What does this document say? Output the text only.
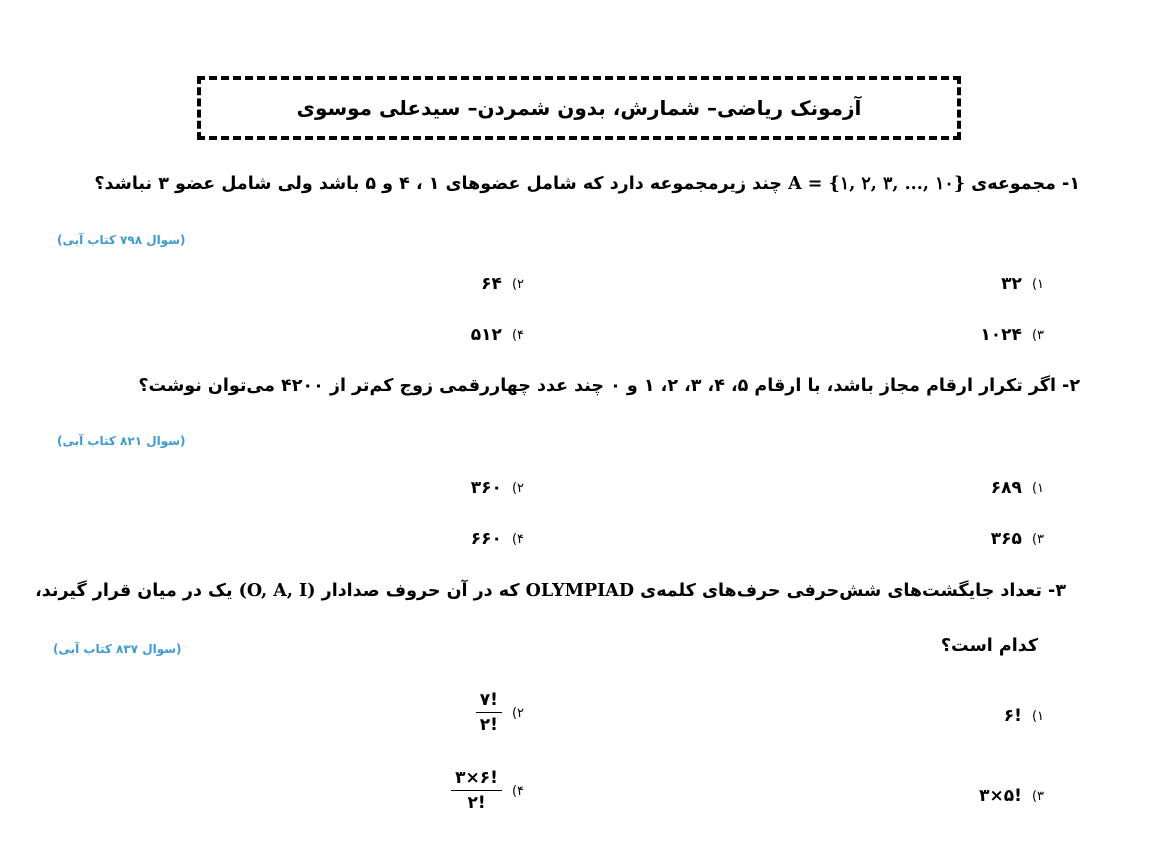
آزمونک ریاضی– شمارش، بدون شمردن– سیدعلی موسوی
۱- مجموعه‌ی A = {۱, ۲, ۳, ..., ۱۰} چند زیرمجموعه دارد که شامل عضوهای ۱ ، ۴ و ۵ باشد ولی شامل عضو ۳ نباشد؟
(سوال ۷۹۸ کتاب آبی)
۱)
۳۲
۲)
۶۴
۳)
۱۰۲۴
۴)
۵۱۲
۲- اگر تکرار ارقام مجاز باشد، با ارقام ۵، ۴، ۳، ۲، ۱ و ۰ چند عدد چهاررقمی زوج کم‌تر از ۴۲۰۰ می‌توان نوشت؟
(سوال ۸۲۱ کتاب آبی)
۱)
۶۸۹
۲)
۳۶۰
۳)
۳۶۵
۴)
۶۶۰
۳- تعداد جایگشت‌های شش‌حرفی حرف‌های کلمه‌ی OLYMPIAD که در آن حروف صدادار (O, A, I) یک در میان قرار گیرند،
کدام است؟
(سوال ۸۳۷ کتاب آبی)
۱)
!۶
۲)
$\frac{!۷}{!۲}$
۳)
!۵×۳
۴)
$\frac{!۶\times ۳}{!۲}$
